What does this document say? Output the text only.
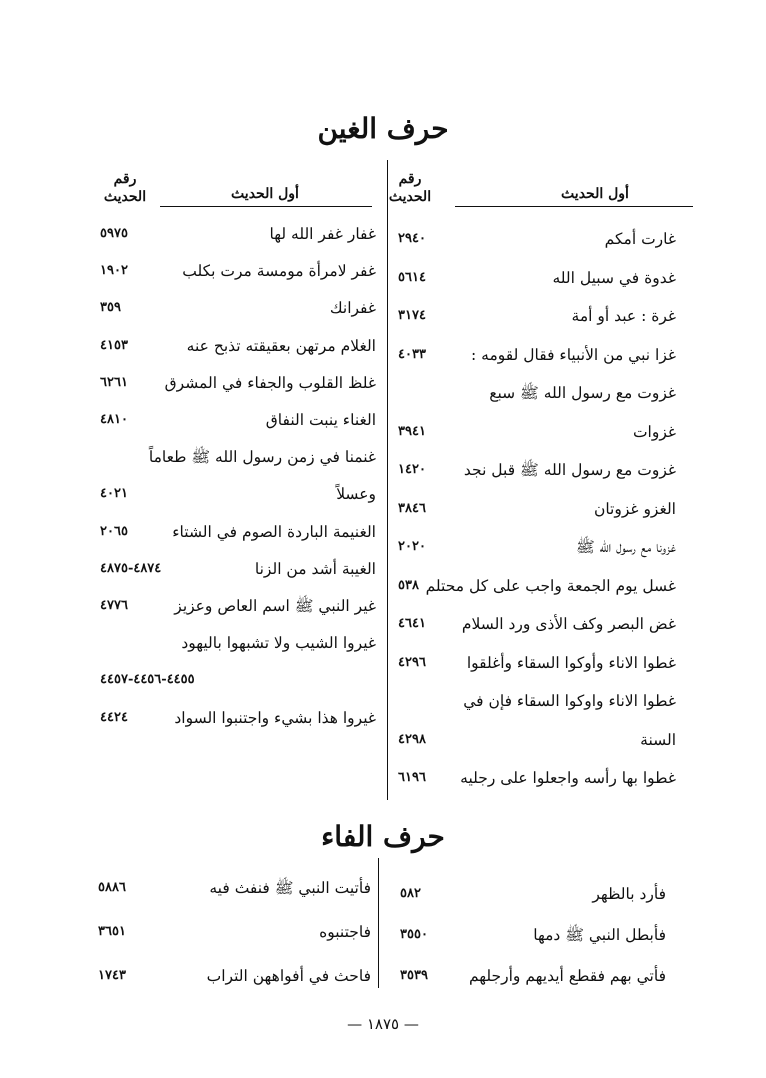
حرف الغين
رقم الحديث	أول الحديث
رقم الحديث	أول الحديث
غارت أمكم
٢٩٤٠
غدوة في سبيل الله
٥٦١٤
غرة : عبد أو أمة
٣١٧٤
غزا نبي من الأنبياء فقال لقومه :
٤٠٣٣
غزوت مع رسول الله ﷺ سبع
غزوات
٣٩٤١
غزوت مع رسول الله ﷺ قبل نجد
١٤٢٠
الغزو غزوتان
٣٨٤٦
غزونا مع رسول الله ﷺ
٢٠٢٠
غسل يوم الجمعة واجب على كل محتلم
٥٣٨
غض البصر وكف الأذى ورد السلام
٤٦٤١
غطوا الاناء وأوكوا السقاء وأغلقوا
٤٢٩٦
غطوا الاناء واوكوا السقاء فإن في
السنة
٤٢٩٨
غطوا بها رأسه واجعلوا على رجليه
٦١٩٦
غفار غفر الله لها
٥٩٧٥
غفر لامرأة مومسة مرت بكلب
١٩٠٢
غفرانك
٣٥٩
الغلام مرتهن بعقيقته تذبح عنه
٤١٥٣
غلظ القلوب والجفاء في المشرق
٦٢٦١
الغناء ينبت النفاق
٤٨١٠
غنمنا في زمن رسول الله ﷺ طعاماً
وعسلاً
٤٠٢١
الغنيمة الباردة الصوم في الشتاء
٢٠٦٥
الغيبة أشد من الزنا
٤٨٧٤-٤٨٧٥
غير النبي ﷺ اسم العاص وعزيز
٤٧٧٦
غيروا الشيب ولا تشبهوا باليهود
٤٤٥٥-٤٤٥٦-٤٤٥٧
غيروا هذا بشيء واجتنبوا السواد
٤٤٢٤
حرف الفاء
فأرد بالظهر
٥٨٢
فأبطل النبي ﷺ دمها
٣٥٥٠
فأتي بهم فقطع أيديهم وأرجلهم
٣٥٣٩
فأتيت النبي ﷺ فنفث فيه
٥٨٨٦
فاجتنبوه
٣٦٥١
فاحث في أفواههن التراب
١٧٤٣
— ١٨٧٥ —
